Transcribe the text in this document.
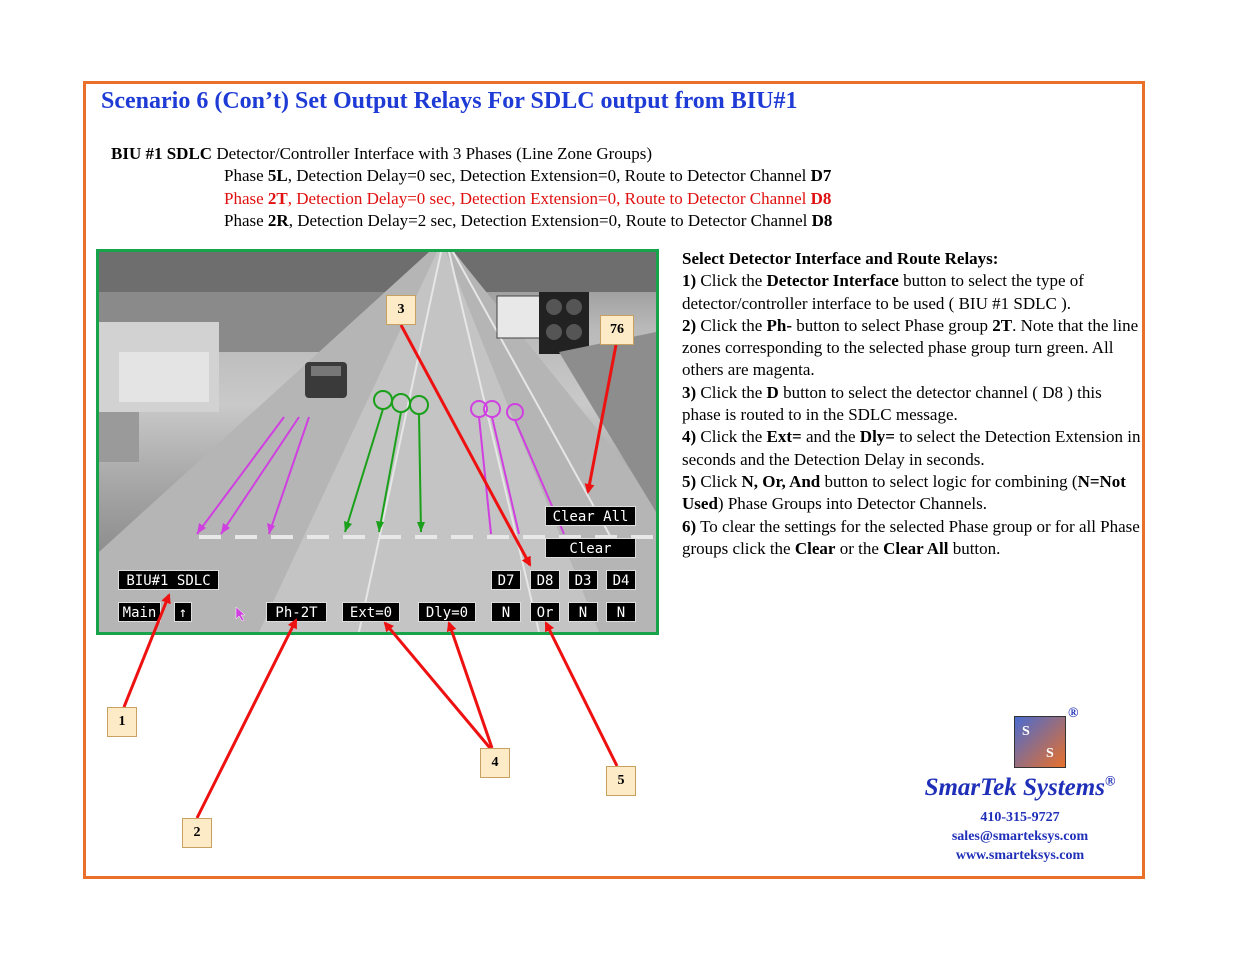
Scenario 6 (Con’t) Set Output Relays For SDLC output from BIU#1
BIU #1 SDLC Detector/Controller Interface with 3 Phases (Line Zone Groups)
Phase 5L, Detection Delay=0 sec, Detection Extension=0, Route to Detector Channel D7
Phase 2T, Detection Delay=0 sec, Detection Extension=0, Route to Detector Channel D8
Phase 2R, Detection Delay=2 sec, Detection Extension=0, Route to Detector Channel D8
Clear All
Clear
BIU#1 SDLC
Main	↑	Ph-2T	Ext=0	Dly=0
D7	D8	D3	D4
N	Or	N	N

Select Detector Interface and Route Relays:

1) Click the Detector Interface button to select the type of detector/controller interface to be used ( BIU #1 SDLC ).

2) Click the Ph- button to select Phase group 2T. Note that the line zones corresponding to the selected phase group turn green. All others are magenta.

3) Click the D button to select the detector channel ( D8 ) this phase is routed to in the SDLC message.

4) Click the Ext= and the Dly= to select the Detection Extension in seconds and the Detection Delay in seconds.

5) Click N, Or, And button to select logic for combining (N=Not Used) Phase Groups into Detector Channels.

6) To clear the settings for the selected Phase group or for all Phase groups click the Clear or the Clear All button.

1
2
3
4
5
76
S
S
®
SmarTek Systems®
410-315-9727
sales@smarteksys.com
www.smarteksys.com
